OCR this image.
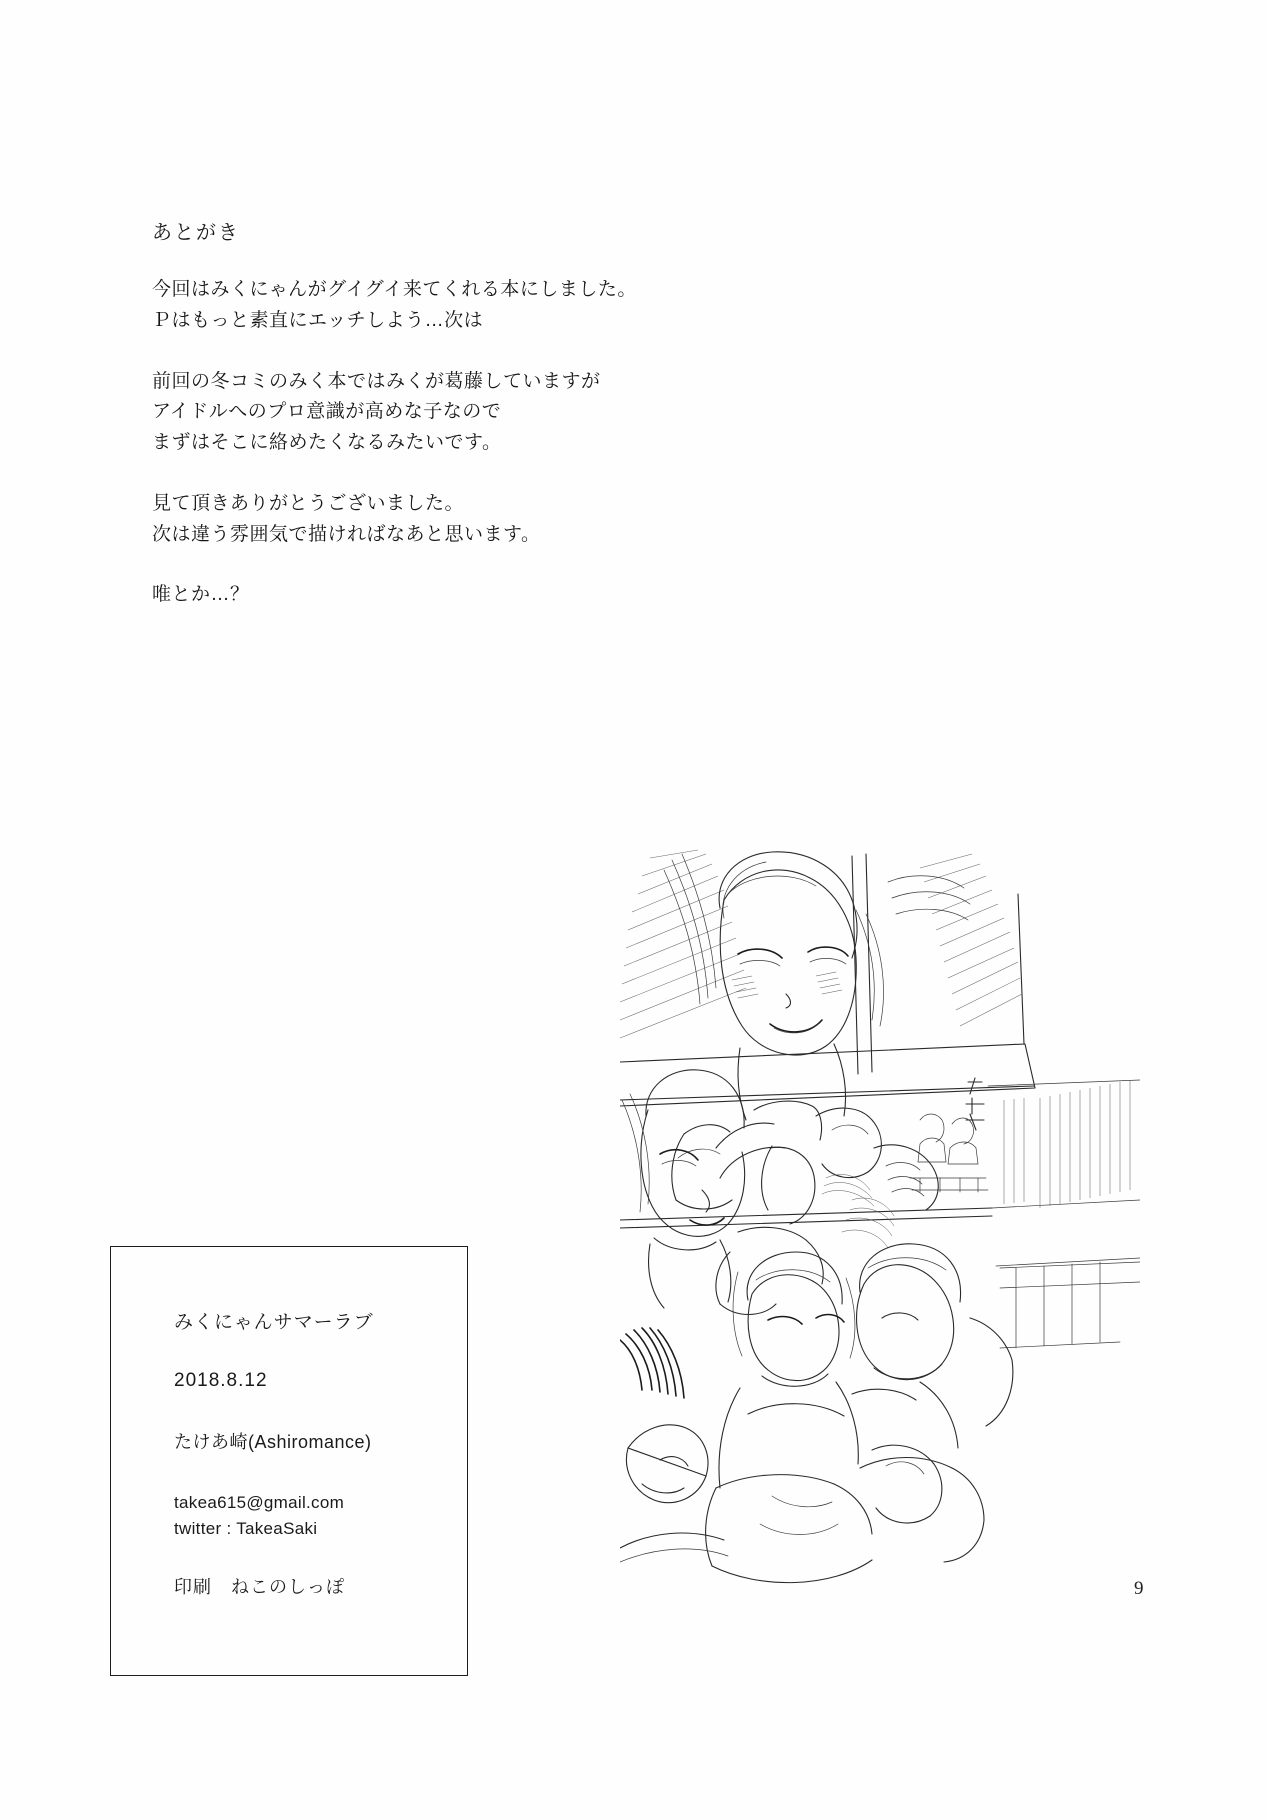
あとがき
今回はみくにゃんがグイグイ来てくれる本にしました。
Ｐはもっと素直にエッチしよう…次は
前回の冬コミのみく本ではみくが葛藤していますが
アイドルへのプロ意識が高めな子なので
まずはそこに絡めたくなるみたいです。
見て頂きありがとうございました。
次は違う雰囲気で描ければなあと思います。
唯とか…？
みくにゃんサマーラブ
2018.8.12
たけあ崎(Ashiromance)
takea615@gmail.com
twitter : TakeaSaki
印刷　ねこのしっぽ	9
